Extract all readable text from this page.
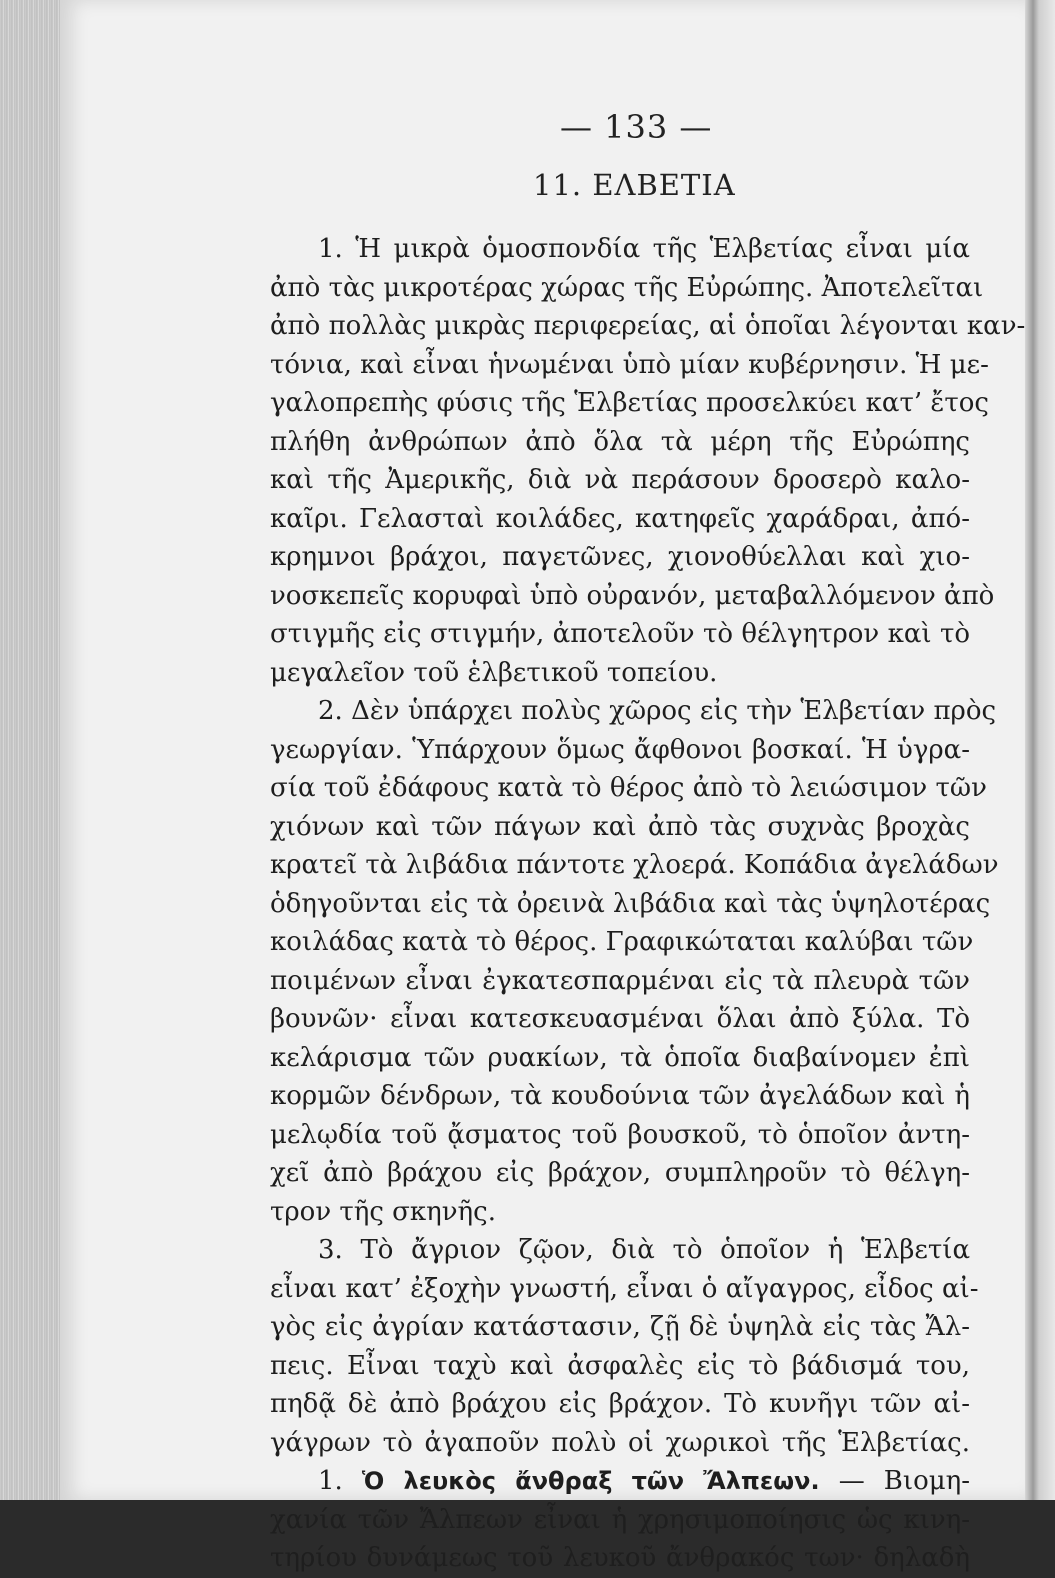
— 133 —
11. ΕΛΒΕΤΙΑ
1. Ἡ μικρὰ ὁμοσπονδία τῆς Ἑλβετίας εἶναι μία
ἀπὸ τὰς μικροτέρας χώρας τῆς Εὐρώπης. Ἀποτελεῖται
ἀπὸ πολλὰς μικρὰς περιφερείας, αἱ ὁποῖαι λέγονται καν-
τόνια, καὶ εἶναι ἡνωμέναι ὑπὸ μίαν κυβέρνησιν. Ἡ με-
γαλοπρεπὴς φύσις τῆς Ἑλβετίας προσελκύει κατ’ ἔτος
πλήθη ἀνθρώπων ἀπὸ ὅλα τὰ μέρη τῆς Εὐρώπης
καὶ τῆς Ἀμερικῆς, διὰ νὰ περάσουν δροσερὸ καλο-
καῖρι. Γελασταὶ κοιλάδες, κατηφεῖς χαράδραι, ἀπό-
κρημνοι βράχοι, παγετῶνες, χιονοθύελλαι καὶ χιο-
νοσκεπεῖς κορυφαὶ ὑπὸ οὐρανόν, μεταβαλλόμενον ἀπὸ
στιγμῆς εἰς στιγμήν, ἀποτελοῦν τὸ θέλγητρον καὶ τὸ
μεγαλεῖον τοῦ ἑλβετικοῦ τοπείου.
2. Δὲν ὑπάρχει πολὺς χῶρος εἰς τὴν Ἑλβετίαν πρὸς
γεωργίαν. Ὑπάρχουν ὅμως ἄφθονοι βοσκαί. Ἡ ὑγρα-
σία τοῦ ἐδάφους κατὰ τὸ θέρος ἀπὸ τὸ λειώσιμον τῶν
χιόνων καὶ τῶν πάγων καὶ ἀπὸ τὰς συχνὰς βροχὰς
κρατεῖ τὰ λιβάδια πάντοτε χλοερά. Κοπάδια ἀγελάδων
ὁδηγοῦνται εἰς τὰ ὀρεινὰ λιβάδια καὶ τὰς ὑψηλοτέρας
κοιλάδας κατὰ τὸ θέρος. Γραφικώταται καλύβαι τῶν
ποιμένων εἶναι ἐγκατεσπαρμέναι εἰς τὰ πλευρὰ τῶν
βουνῶν· εἶναι κατεσκευασμέναι ὅλαι ἀπὸ ξύλα. Τὸ
κελάρισμα τῶν ρυακίων, τὰ ὁποῖα διαβαίνομεν ἐπὶ
κορμῶν δένδρων, τὰ κουδούνια τῶν ἀγελάδων καὶ ἡ
μελῳδία τοῦ ᾄσματος τοῦ βουσκοῦ, τὸ ὁποῖον ἀντη-
χεῖ ἀπὸ βράχου εἰς βράχον, συμπληροῦν τὸ θέλγη-
τρον τῆς σκηνῆς.
3. Τὸ ἄγριον ζῷον, διὰ τὸ ὁποῖον ἡ Ἑλβετία
εἶναι κατ’ ἐξοχὴν γνωστή, εἶναι ὁ αἴγαγρος, εἶδος αἰ-
γὸς εἰς ἀγρίαν κατάστασιν, ζῇ δὲ ὑψηλὰ εἰς τὰς Ἄλ-
πεις. Εἶναι ταχὺ καὶ ἀσφαλὲς εἰς τὸ βάδισμά του,
πηδᾷ δὲ ἀπὸ βράχου εἰς βράχον. Τὸ κυνῆγι τῶν αἰ-
γάγρων τὸ ἀγαποῦν πολὺ οἱ χωρικοὶ τῆς Ἑλβετίας.
1. Ὁ λευκὸς ἄνθραξ τῶν Ἄλπεων. — Βιομη-
χανία τῶν Ἄλπεων εἶναι ἡ χρησιμοποίησις ὡς κινη-
τηρίου δυνάμεως τοῦ λευκοῦ ἄνθρακός των· δηλαδὴ
